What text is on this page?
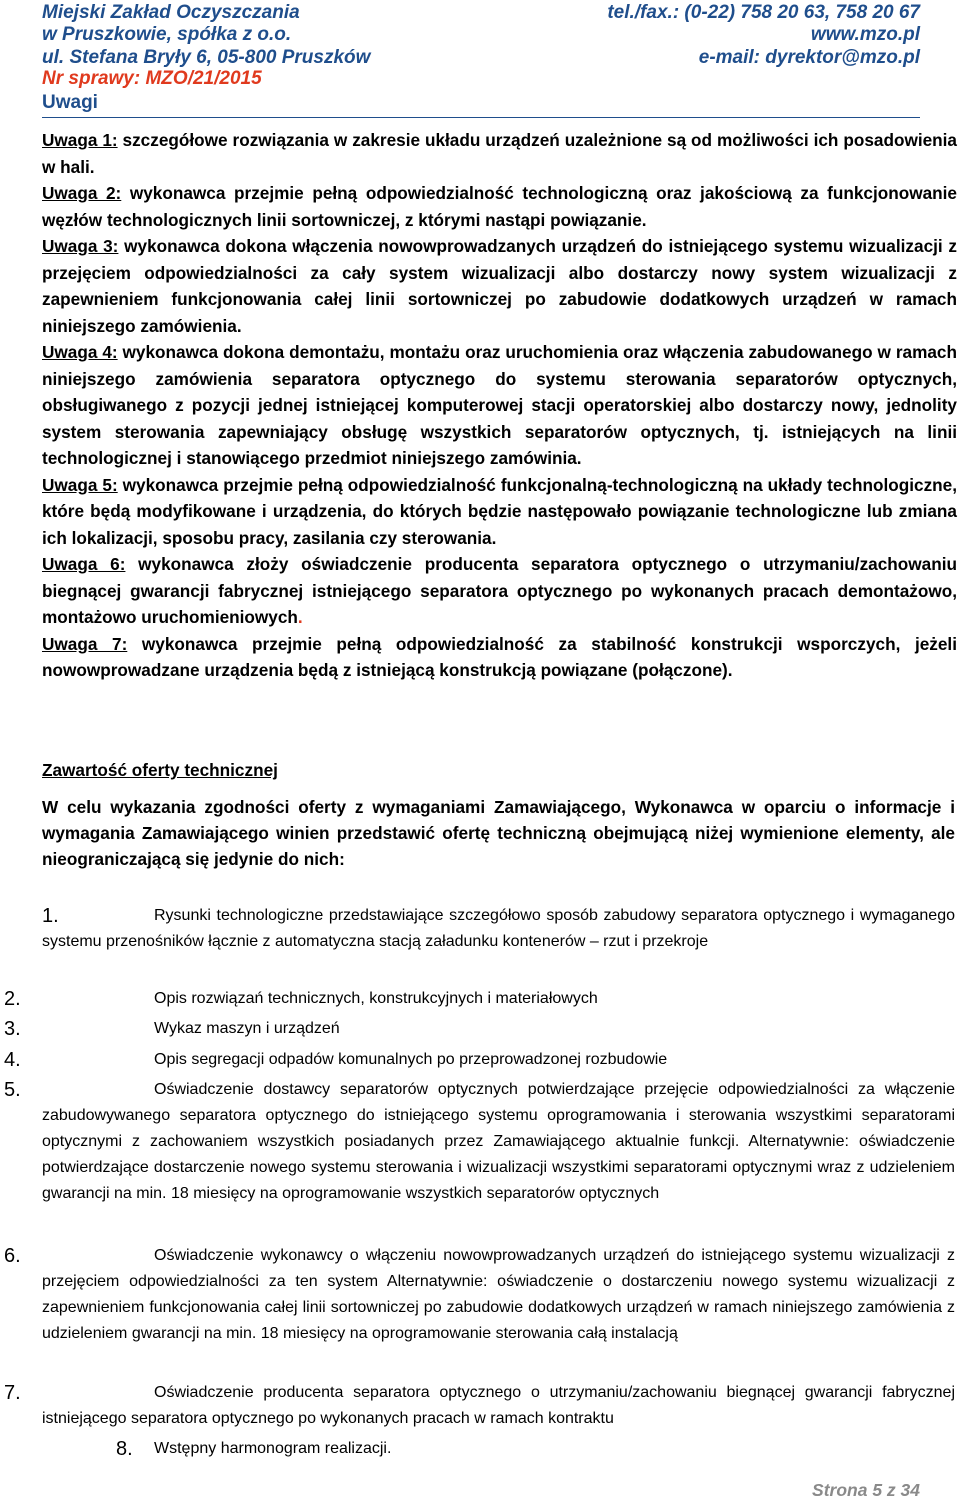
Miejski Zakład Oczyszczania	tel./fax.: (0-22) 758 20 63, 758 20 67
w Pruszkowie, spółka z o.o.	www.mzo.pl
ul. Stefana Bryły 6, 05-800 Pruszków	e-mail: dyrektor@mzo.pl
Nr sprawy: MZO/21/2015
Uwagi

Uwaga 1: szczegółowe rozwiązania w zakresie układu urządzeń uzależnione są od możliwości ich posadowienia w hali.

Uwaga 2: wykonawca przejmie pełną odpowiedzialność technologiczną oraz jakościową za funkcjonowanie węzłów technologicznych linii sortowniczej, z którymi nastąpi powiązanie.

Uwaga 3: wykonawca dokona włączenia nowowprowadzanych urządzeń do istniejącego systemu wizualizacji z przejęciem odpowiedzialności za cały system wizualizacji albo dostarczy nowy system wizualizacji z zapewnieniem funkcjonowania całej linii sortowniczej po zabudowie dodatkowych urządzeń w ramach niniejszego zamówienia.

Uwaga 4: wykonawca dokona demontażu, montażu oraz uruchomienia oraz włączenia zabudowanego w ramach niniejszego zamówienia separatora optycznego do systemu sterowania separatorów optycznych, obsługiwanego z pozycji jednej istniejącej komputerowej stacji operatorskiej albo dostarczy nowy, jednolity system sterowania zapewniający obsługę wszystkich separatorów optycznych, tj. istniejących na linii technologicznej i stanowiącego przedmiot niniejszego zamówinia.

Uwaga 5: wykonawca przejmie pełną odpowiedzialność funkcjonalną-technologiczną na układy technologiczne, które będą modyfikowane i urządzenia, do których będzie następowało powiązanie technologiczne lub zmiana ich lokalizacji, sposobu pracy, zasilania czy sterowania.

Uwaga 6: wykonawca złoży oświadczenie producenta separatora optycznego o utrzymaniu/zachowaniu biegnącej gwarancji fabrycznej istniejącego separatora optycznego po wykonanych pracach demontażowo, montażowo uruchomieniowych.

Uwaga 7: wykonawca przejmie pełną odpowiedzialność za stabilność konstrukcji wsporczych, jeżeli nowowprowadzane urządzenia będą z istniejącą konstrukcją powiązane (połączone).

Zawartość oferty technicznej

W celu wykazania zgodności oferty z wymaganiami Zamawiającego, Wykonawca w oparciu o informacje i wymagania Zamawiającego winien przedstawić ofertę techniczną obejmującą niżej wymienione elementy, ale nieograniczającą się jedynie do nich:

1.	Rysunki technologiczne przedstawiające szczegółowo sposób zabudowy separatora optycznego i wymaganego systemu przenośników łącznie z automatyczna stacją załadunku kontenerów – rzut i przekroje
2.	Opis rozwiązań technicznych, konstrukcyjnych i materiałowych
3.	Wykaz maszyn i urządzeń
4.	Opis segregacji odpadów komunalnych po przeprowadzonej rozbudowie
5.	Oświadczenie dostawcy separatorów optycznych potwierdzające przejęcie odpowiedzialności za włączenie zabudowywanego separatora optycznego do istniejącego systemu oprogramowania i sterowania wszystkimi separatorami optycznymi z zachowaniem wszystkich posiadanych przez Zamawiającego aktualnie funkcji. Alternatywnie: oświadczenie potwierdzające dostarczenie nowego systemu sterowania i wizualizacji wszystkimi separatorami optycznymi wraz z udzieleniem gwarancji na min. 18 miesięcy na oprogramowanie wszystkich separatorów optycznych
6.	Oświadczenie wykonawcy o włączeniu nowowprowadzanych urządzeń do istniejącego systemu wizualizacji z przejęciem odpowiedzialności za ten system Alternatywnie: oświadczenie o dostarczeniu nowego systemu wizualizacji z zapewnieniem funkcjonowania całej linii sortowniczej po zabudowie dodatkowych urządzeń w ramach niniejszego zamówienia z udzieleniem gwarancji na min. 18 miesięcy na oprogramowanie sterowania całą instalacją
7.	Oświadczenie producenta separatora optycznego o utrzymaniu/zachowaniu biegnącej gwarancji fabrycznej istniejącego separatora optycznego po wykonanych pracach w ramach kontraktu
8. Wstępny harmonogram realizacji.
Strona 5 z 34
